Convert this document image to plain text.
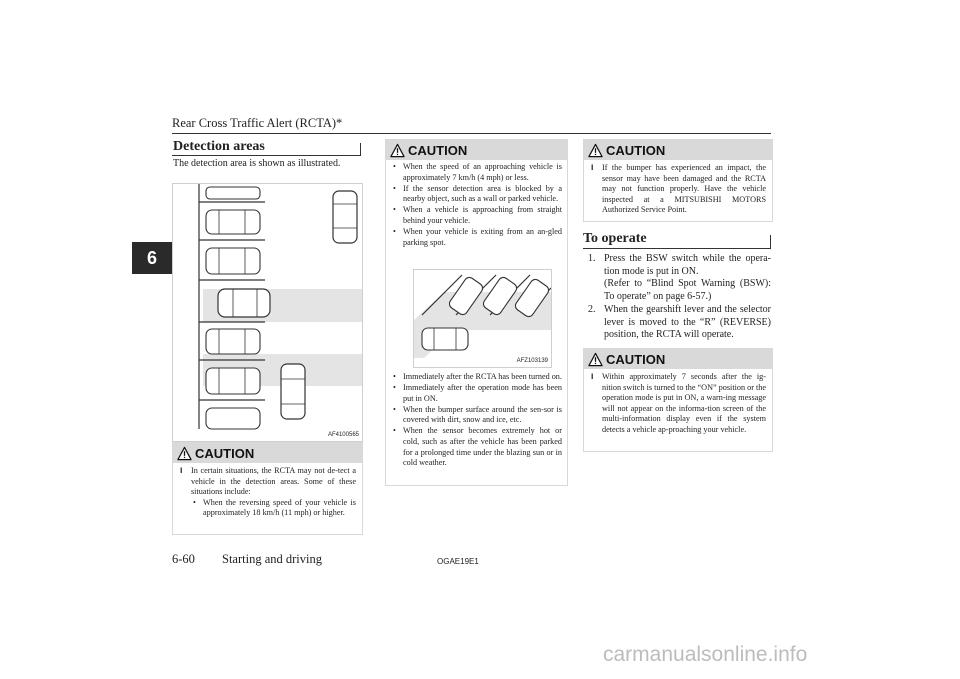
Rear Cross Traffic Alert (RCTA)*
6
Detection areas
The detection area is shown as illustrated.
AF4100565
CAUTION
l In certain situations, the RCTA may not de-tect a vehicle in the detection areas. Some of these situations include:
• When the reversing speed of your vehicle is approximately 18 km/h (11 mph) or higher.
CAUTION
• When the speed of an approaching vehicle is approximately 7 km/h (4 mph) or less.
• If the sensor detection area is blocked by a nearby object, such as a wall or parked vehicle.
• When a vehicle is approaching from straight behind your vehicle.
• When your vehicle is exiting from an an-gled parking spot.
AFZ103139
• Immediately after the RCTA has been turned on.
• Immediately after the operation mode has been put in ON.
• When the bumper surface around the sen-sor is covered with dirt, snow and ice, etc.
• When the sensor becomes extremely hot or cold, such as after the vehicle has been parked for a prolonged time under the blazing sun or in cold weather.
CAUTION
l If the bumper has experienced an impact, the sensor may have been damaged and the RCTA may not function properly. Have the vehicle inspected at a MITSUBISHI MOTORS Authorized Service Point.
To operate
1. Press the BSW switch while the opera-tion mode is put in ON.
(Refer to “Blind Spot Warning (BSW): To operate” on page 6-57.)
2. When the gearshift lever and the selector lever is moved to the “R” (REVERSE) position, the RCTA will operate.
CAUTION
l Within approximately 7 seconds after the ig-nition switch is turned to the “ON” position or the operation mode is put in ON, a warn-ing message will not appear on the informa-tion screen of the multi-information display even if the system detects a vehicle ap-proaching your vehicle.
6-60 Starting and driving	OGAE19E1
carmanualsonline.info
